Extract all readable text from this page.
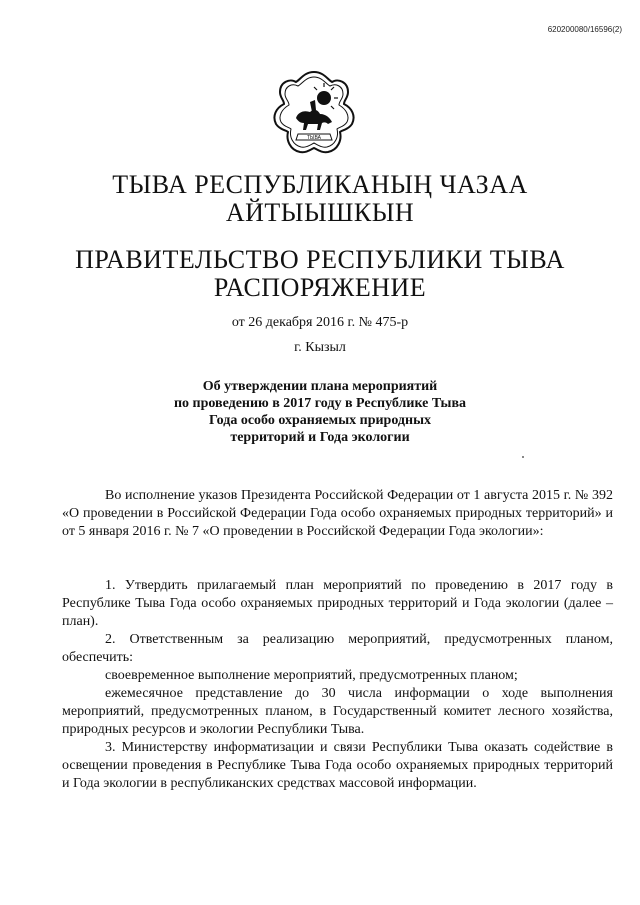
620200080/16596(2)
ТЫВА
ТЫВА РЕСПУБЛИКАНЫҢ ЧАЗАА
АЙТЫЫШКЫН
ПРАВИТЕЛЬСТВО РЕСПУБЛИКИ ТЫВА
РАСПОРЯЖЕНИЕ
от 26 декабря 2016 г. № 475-р
г. Кызыл
Об утверждении плана мероприятий
по проведению в 2017 году в Республике Тыва
Года особо охраняемых природных
территорий и Года экологии

Во исполнение указов Президента Российской Федерации от 1 августа 2015 г. № 392 «О проведении в Российской Федерации Года особо охраняемых природных территорий» и от 5 января 2016 г. № 7 «О проведении в Российской Федерации Года экологии»:

1. Утвердить прилагаемый план мероприятий по проведению в 2017 году в Республике Тыва Года особо охраняемых природных территорий и Года экологии (далее – план).

2. Ответственным за реализацию мероприятий, предусмотренных планом, обеспечить:

своевременное выполнение мероприятий, предусмотренных планом;

ежемесячное представление до 30 числа информации о ходе выполнения мероприятий, предусмотренных планом, в Государственный комитет лесного хозяйства, природных ресурсов и экологии Республики Тыва.

3. Министерству информатизации и связи Республики Тыва оказать содействие в освещении проведения в Республике Тыва Года особо охраняемых природных территорий и Года экологии в республиканских средствах массовой информации.
